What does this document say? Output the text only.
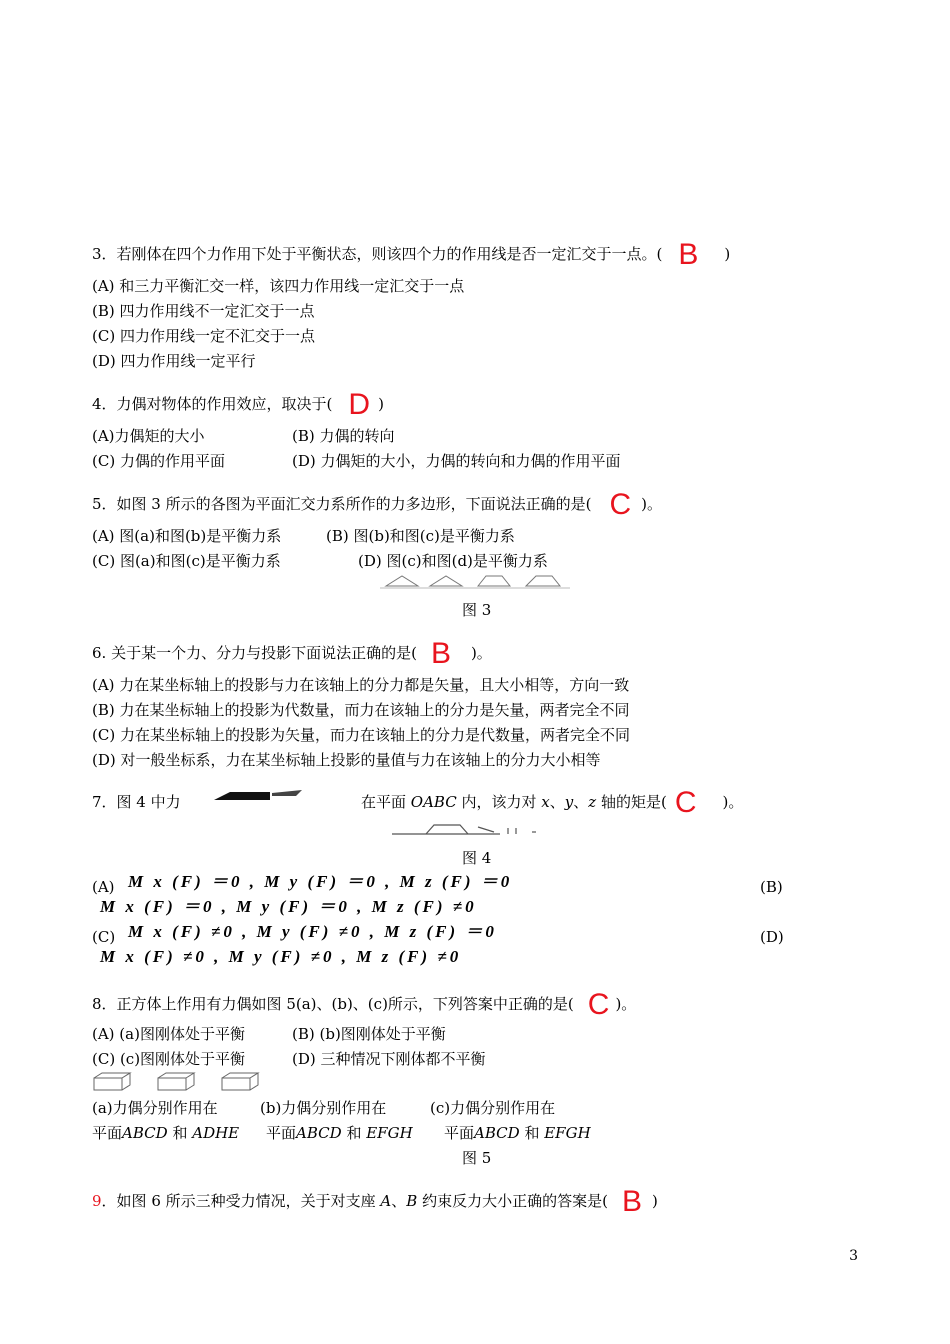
3．若刚体在四个力作用下处于平衡状态，则该四个力的作用线是否一定汇交于一点。( B )
(A) 和三力平衡汇交一样，该四力作用线一定汇交于一点
(B) 四力作用线不一定汇交于一点
(C) 四力作用线一定不汇交于一点
(D) 四力作用线一定平行
4．力偶对物体的作用效应，取决于( D )
(A)力偶矩的大小	(B) 力偶的转向
(C) 力偶的作用平面	(D) 力偶矩的大小，力偶的转向和力偶的作用平面
5．如图 3 所示的各图为平面汇交力系所作的力多边形，下面说法正确的是( C )。
(A) 图(a)和图(b)是平衡力系	(B) 图(b)和图(c)是平衡力系
(C) 图(a)和图(c)是平衡力系	(D) 图(c)和图(d)是平衡力系
图 3
6. 关于某一个力、分力与投影下面说法正确的是( B )。
(A) 力在某坐标轴上的投影与力在该轴上的分力都是矢量，且大小相等，方向一致
(B) 力在某坐标轴上的投影为代数量，而力在该轴上的分力是矢量，两者完全不同
(C) 力在某坐标轴上的投影为矢量，而力在该轴上的分力是代数量，两者完全不同
(D) 对一般坐标系，力在某坐标轴上投影的量值与力在该轴上的分力大小相等
7．图 4 中力	在平面 OABC 内，该力对 x、y、z 轴的矩是( C )。
图 4
(A) M x (F) ＝0 , M y (F) ＝0 , M z (F) ＝0	(B)
M x (F) ＝0 , M y (F) ＝0 , M z (F) ≠0
(C) M x (F) ≠0 , M y (F) ≠0 , M z (F) ＝0	(D)
M x (F) ≠0 , M y (F) ≠0 , M z (F) ≠0
8．正方体上作用有力偶如图 5(a)、(b)、(c)所示，下列答案中正确的是( C )。
(A) (a)图刚体处于平衡	(B) (b)图刚体处于平衡
(C) (c)图刚体处于平衡	(D) 三种情况下刚体都不平衡
(a)力偶分别作用在	(b)力偶分别作用在	(c)力偶分别作用在
平面ABCD 和 ADHE 平面ABCD 和 EFGH 平面ABCD 和 EFGH
图 5
9．如图 6 所示三种受力情况，关于对支座 A、B 约束反力大小正确的答案是( B )
3
